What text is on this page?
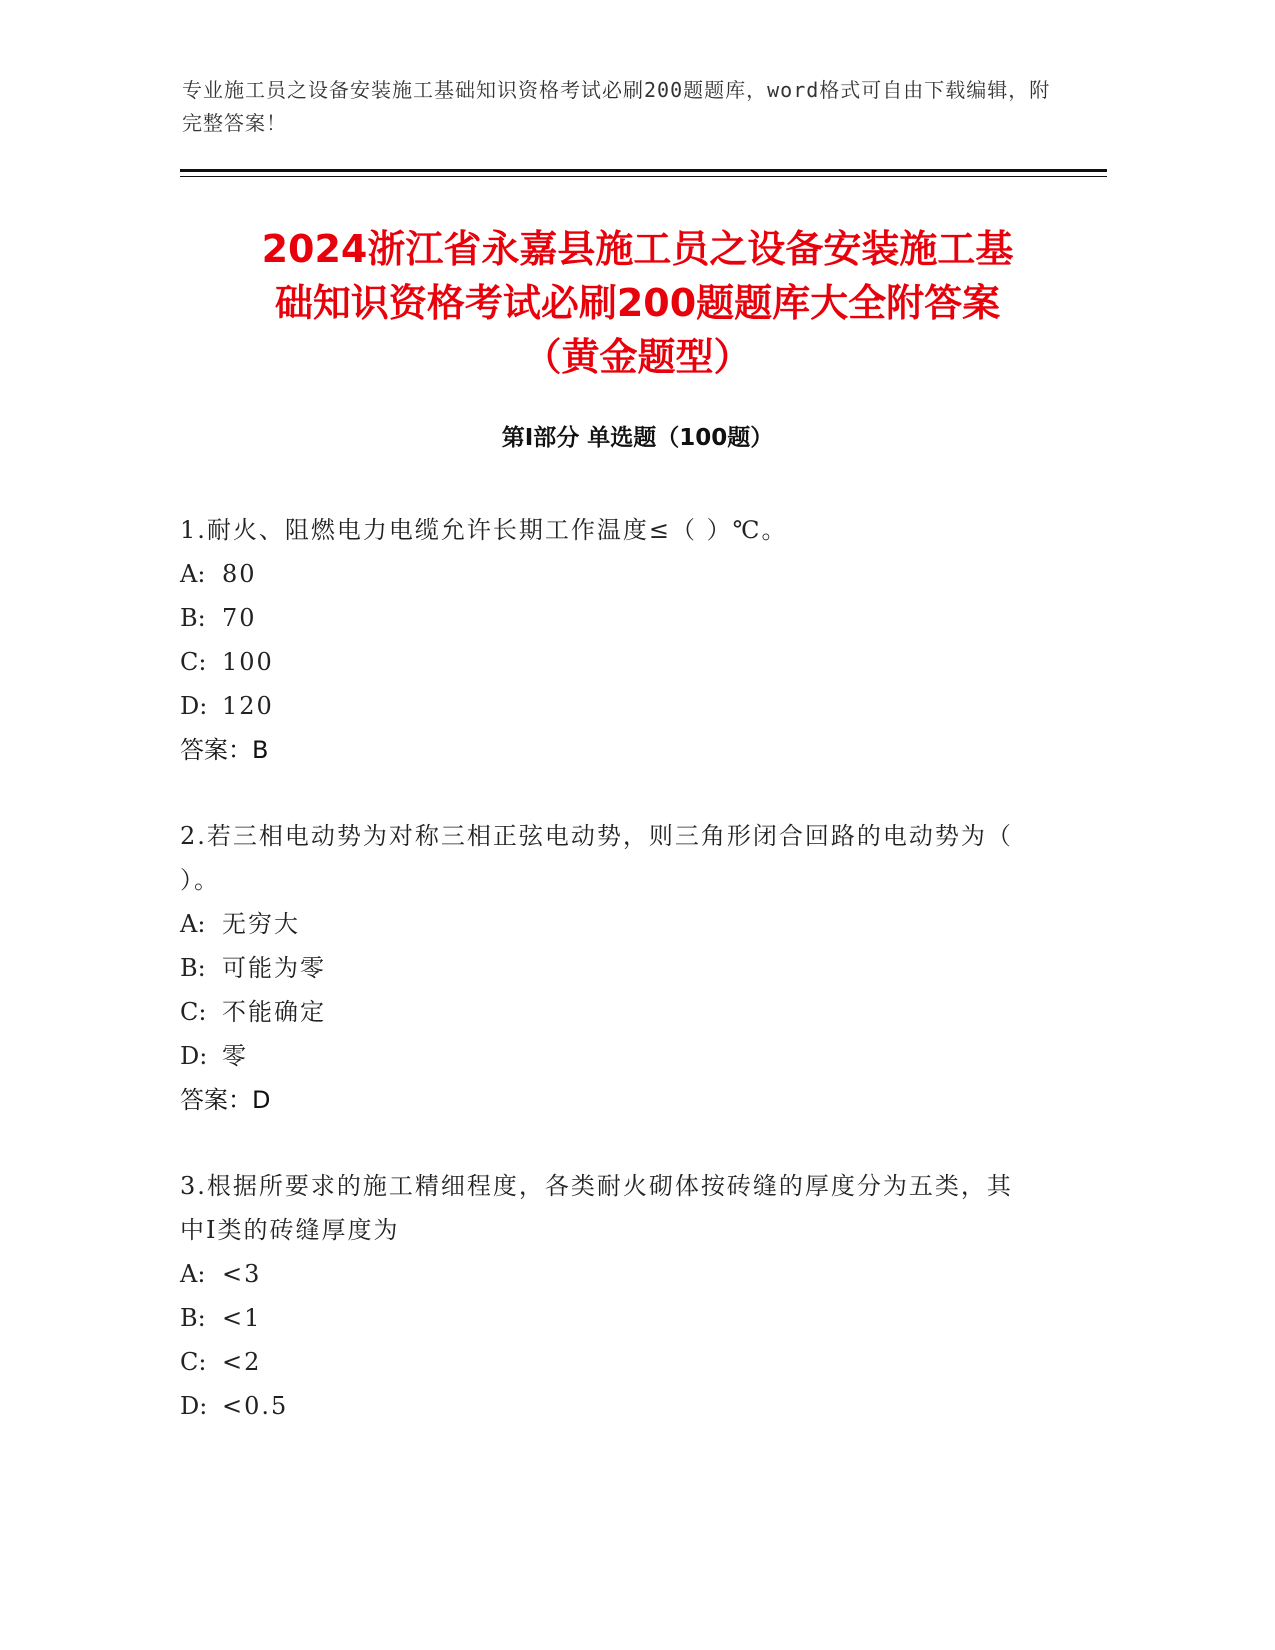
专业施工员之设备安装施工基础知识资格考试必刷200题题库，word格式可自由下载编辑，附完整答案！
2024浙江省永嘉县施工员之设备安装施工基
础知识资格考试必刷200题题库大全附答案
（黄金题型）
第Ⅰ部分 单选题（100题）
1.耐火、阻燃电力电缆允许长期工作温度≤（ ）℃。
A: 80
B: 70
C: 100
D: 120
答案：B
2.若三相电动势为对称三相正弦电动势，则三角形闭合回路的电动势为（ ）。
A: 无穷大
B: 可能为零
C: 不能确定
D: 零
答案：D
3.根据所要求的施工精细程度，各类耐火砌体按砖缝的厚度分为五类，其中Ⅰ类的砖缝厚度为
A: <3
B: <1
C: <2
D: <0.5
